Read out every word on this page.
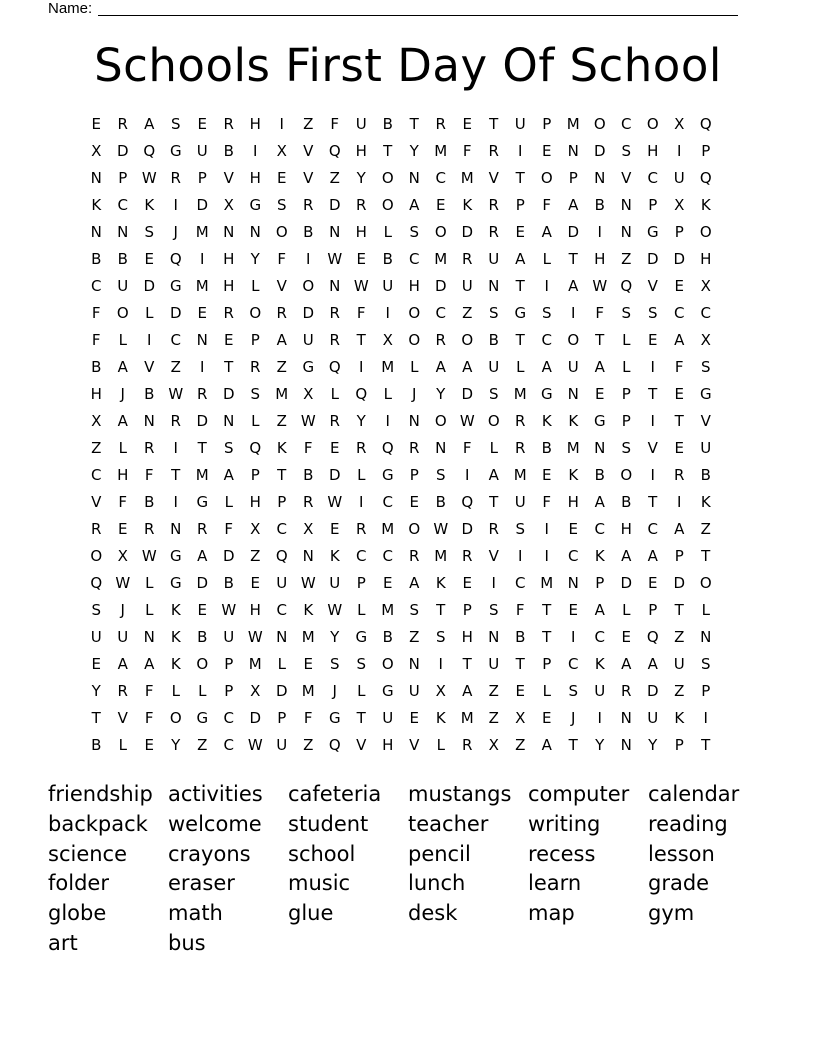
Name:
Schools First Day Of School
E	R	A	S	E	R	H	I	Z	F	U	B	T	R	E	T	U	P	M O	C	O	X	Q
X	D Q G	U	B	I	X	V	Q H	T	Y	M	F	R	I	E	N	D	S	H	I	P
N	P W R	P	V	H	E	V	Z	Y	O N	C M V	T	O	P	N	V	C	U	Q
K	C	K	I	D	X	G	S	R	D	R	O	A	E	K	R	P	F	A	B	N	P	X	K
N	N	S	J	M N	N O	B	N	H	L	S	O D	R	E	A	D	I	N	G	P	O
B	B	E	Q	I	H	Y	F	I	W E	B	C M R	U	A	L	T	H	Z	D D	H
C	U	D G M H	L	V	O N W U	H	D	U	N	T	I	A W Q	V	E	X
F	O	L	D	E	R	O	R	D	R	F	I	O	C	Z	S	G	S	I	F	S	S	C	C
F	L	I	C	N	E	P	A	U	R	T	X	O	R	O	B	T	C	O	T	L	E	A	X
B	A	V	Z	I	T	R	Z	G Q	I	M	L	A	A	U	L	A	U	A	L	I	F	S
H	J	B W R	D	S	M X	L	Q	L	J	Y	D	S	M G	N	E	P	T	E	G
X	A	N	R	D	N	L	Z W R	Y	I	N O W O	R	K	K	G	P	I	T	V
Z	L	R	I	T	S	Q	K	F	E	R	Q	R	N	F	L	R	B M N	S	V	E	U
C	H	F	T	M A	P	T	B	D	L	G	P	S	I	A M	E	K	B	O	I	R	B
V	F	B	I	G	L	H	P	R W	I	C	E	B	Q	T	U	F	H	A	B	T	I	K
R	E	R	N	R	F	X	C	X	E	R M O W D	R	S	I	E	C	H	C	A	Z
O	X W G	A	D	Z	Q N	K	C	C	R M R	V	I	I	C	K	A	A	P	T
Q W L	G D	B	E	U W U	P	E	A	K	E	I	C M N	P	D	E	D O
S	J	L	K	E W H	C	K W L	M	S	T	P	S	F	T	E	A	L	P	T	L
U	U	N	K	B	U W N M	Y	G	B	Z	S	H	N	B	T	I	C	E	Q	Z	N
E	A	A	K	O	P	M	L	E	S	S	O N	I	T	U	T	P	C	K	A	A	U	S
Y	R	F	L	L	P	X	D M	J	L	G	U	X	A	Z	E	L	S	U	R	D	Z	P
T	V	F	O G	C	D	P	F	G	T	U	E	K	M Z	X	E	J	I	N	U	K	I
B	L	E	Y	Z	C W U	Z	Q	V	H	V	L	R	X	Z	A	T	Y	N	Y	P	T
friendship activities	cafeteria	mustangs computer calendar
backpack welcome	student	teacher	writing	reading
science	crayons	school	pencil	recess	lesson
folder	eraser	music	lunch	learn	grade
globe	math	glue	desk	map	gym
art	bus
